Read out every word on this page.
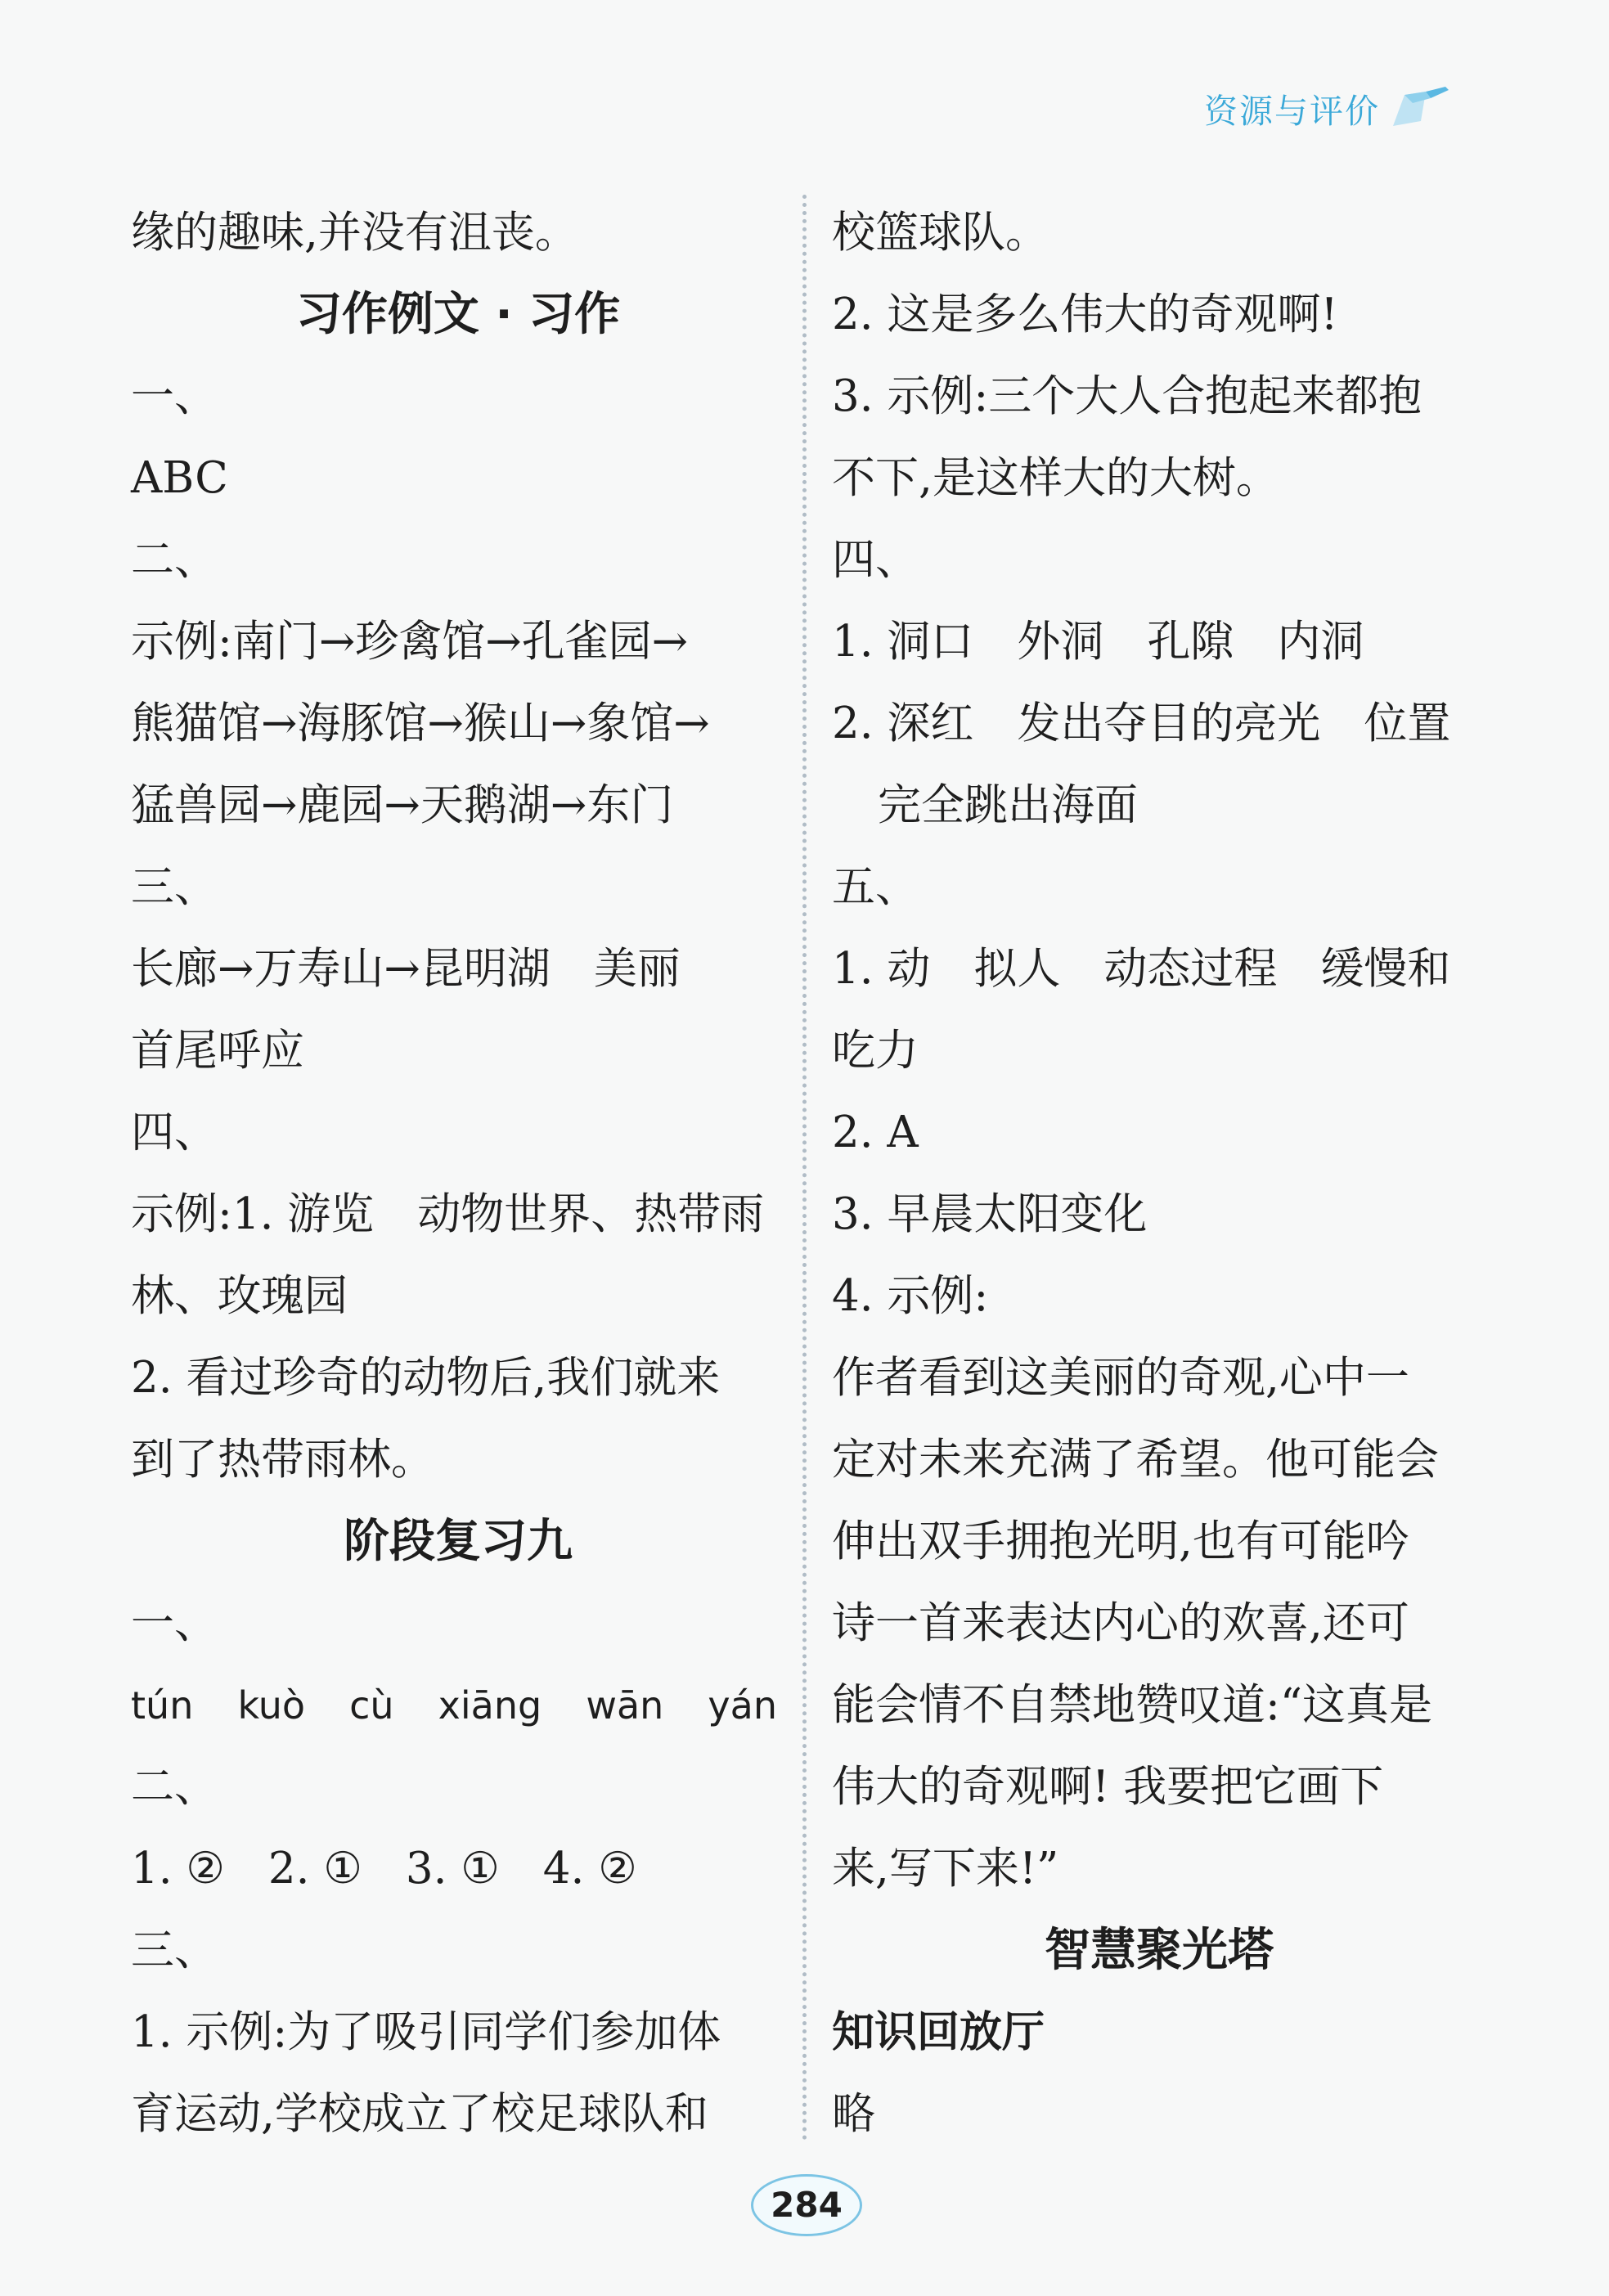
资源与评价
缘的趣味,并没有沮丧。
习作例文 · 习作
一、
ABC
二、
示例:南门→珍禽馆→孔雀园→
熊猫馆→海豚馆→猴山→象馆→
猛兽园→鹿园→天鹅湖→东门
三、
长廊→万寿山→昆明湖　美丽
首尾呼应
四、
示例:1. 游览　动物世界、热带雨
林、玫瑰园
2. 看过珍奇的动物后,我们就来
到了热带雨林。
阶段复习九
一、
tún kuò cù xiāng wān yán
二、
1. ②　2. ①　3. ①　4. ②
三、
1. 示例:为了吸引同学们参加体
育运动,学校成立了校足球队和
校篮球队。
2. 这是多么伟大的奇观啊!
3. 示例:三个大人合抱起来都抱
不下,是这样大的大树。
四、
1. 洞口　外洞　孔隙　内洞
2. 深红　发出夺目的亮光　位置
完全跳出海面
五、
1. 动　拟人　动态过程　缓慢和
吃力
2. A
3. 早晨太阳变化
4. 示例:
作者看到这美丽的奇观,心中一
定对未来充满了希望。他可能会
伸出双手拥抱光明,也有可能吟
诗一首来表达内心的欢喜,还可
能会情不自禁地赞叹道:“这真是
伟大的奇观啊! 我要把它画下
来,写下来!”
智慧聚光塔
知识回放厅
略
284
